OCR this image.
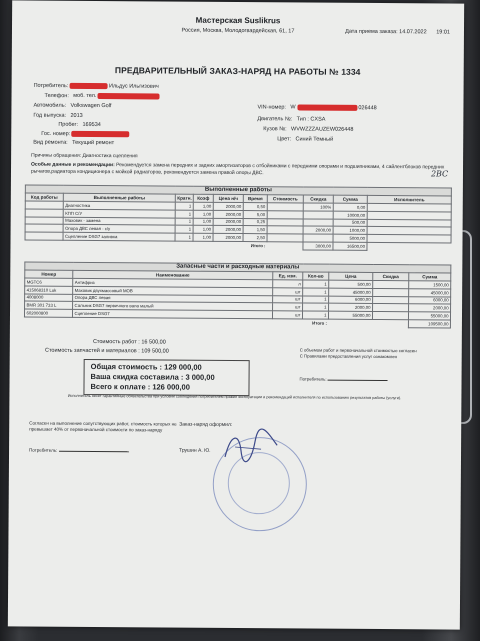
Мастерская Suslikrus
Россия, Москва, Молодогвардейская, 61, 17	Дата приема заказа: 14.07.2022 19:01
ПРЕДВАРИТЕЛЬНЫЙ ЗАКАЗ-НАРЯД НА РАБОТЫ № 1334
Потребитель:	Ильдус Ильгизович
Телефон: моб. тел.
Автомобиль: Volkswagen Golf
Год выпуска: 2013
Пробег: 169534
Гос. номер:
Вид ремонта: Текущий ремонт
VIN-номер: W	026448
Двигатель №: Тип : CXSA
Кузов №: WVWZZZAUZEW026448
Цвет: Синий Темный
Причины обращения: Диагностика сцепления
Особые данные и рекомендации: Рекомендуется замена передних и задних амортизаторов с отбойниками с передними опорами и подшипниками, 4 сайлентблоков передних рычагов,радиатора кондиционера с мойкой радиаторов, рекомендуется замена правой опоры ДВС.	2ВС
Выполненные работы									
Код работы	Выполненные работы	Кратн.	Коэф	Цена н/ч	Время	Стоимость	Скидка	Сумма	Исполнитель
	Диагностика	1	1,00	2000,00	0,50		100%	0,00	
	КПП С/У	1	1,00	2000,00	5,00			10000,00	
	Маховик - замена	1	1,00	2000,00	0,25			500,00	
	Опора ДВС левая - с/у	1	1,00	2000,00	1,50		2000,00	1000,00	
	Сцепление DSG7 заливка	1	1,00	2000,00	2,50			5000,00	
Итого :							3000,00	16500,00	
Запасные части и расходные материалы						
Номер	Наименование	Ед. изм.	Кол-во	Цена	Скидка	Сумма
MGTC6	Антифриз	л	1	500,00		1500,00
415068310 Luk	Маховик двухмассовый MOB	шт	1	45000,00		45000,00
4008000	Опора ДВС левая	шт	1	6000,00		6000,00
BMR 301 733 L	Сальник DSG7 первичного вала малый	шт	1	2000,00		2000,00
602000800	Сцепление DSG7	шт	1	55000,00		55000,00
Итого :						109500,00
Стоимость работ : 16 500,00
Стоимость запчастей и материалов : 109 500,00
Общая стоимость : 129 000,00
Ваша скидка составила : 3 000,00
Всего к оплате : 126 000,00
С объемом работ и первоначальной стоимостью согласен
С Правилами предоставления услуг ознакомлен
Потребитель:
Исполнитель несет гарантийные обязательства при условии соблюдения потребителем правил эксплуатации и рекомендаций исполнителя по использованию результатов работы (услуги).
Согласен на выполнение сопутствующих работ, стоимость которых не превышает 40% от первоначальной стоимости по заказ-наряду
Потребитель:
Заказ-наряд оформил:
Трушин А. Ю.
